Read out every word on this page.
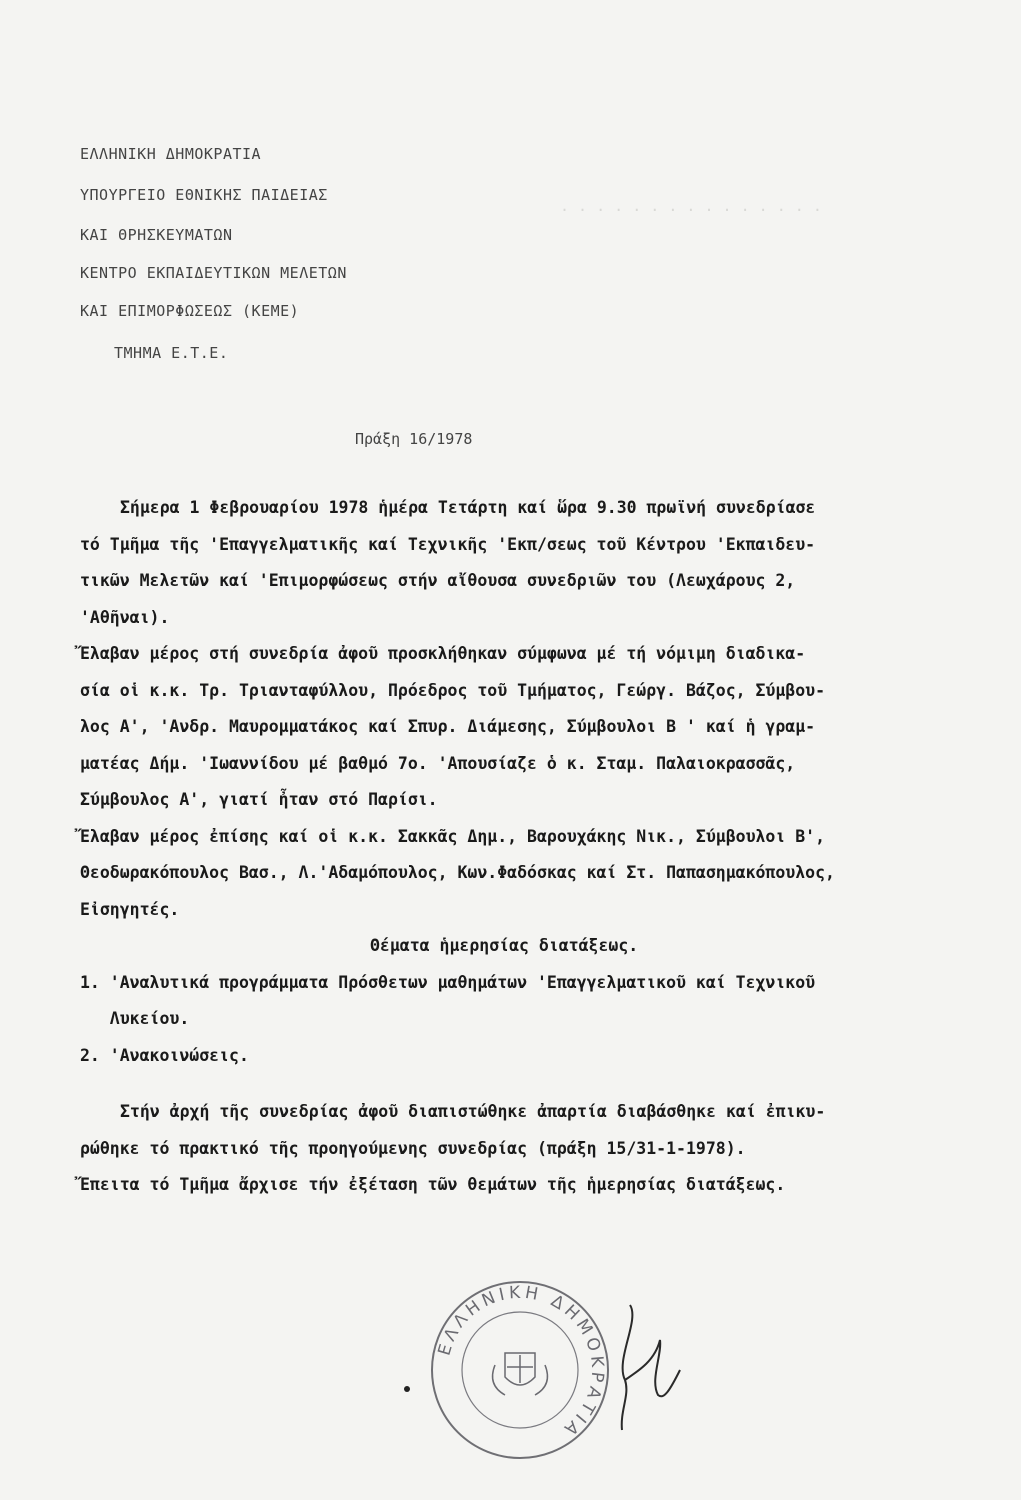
. . . . . . . . . . . . . . .
ΕΛΛΗΝΙΚΗ ΔΗΜΟΚΡΑΤΙΑ
ΥΠΟΥΡΓΕΙΟ ΕΘΝΙΚΗΣ ΠΑΙΔΕΙΑΣ
ΚΑΙ ΘΡΗΣΚΕΥΜΑΤΩΝ
ΚΕΝΤΡΟ ΕΚΠΑΙΔΕΥΤΙΚΩΝ ΜΕΛΕΤΩΝ
ΚΑΙ ΕΠΙΜΟΡΦΩΣΕΩΣ (ΚΕΜΕ)
ΤΜΗΜΑ Ε.Τ.Ε.
Πράξη 16/1978
Σήμερα 1 Φεβρουαρίου 1978 ἡμέρα Τετάρτη καί ὥρα 9.30 πρωϊνή συνεδρίασε
τό Τμῆμα τῆς 'Επαγγελματικῆς καί Τεχνικῆς 'Εκπ/σεως τοῦ Κέντρου 'Εκπαιδευ-
τικῶν Μελετῶν καί 'Επιμορφώσεως στήν αἴθουσα συνεδριῶν του (Λεωχάρους 2,
'Αθῆναι).
Ἔλαβαν μέρος στή συνεδρία ἀφοῦ προσκλήθηκαν σύμφωνα μέ τή νόμιμη διαδικα-
σία οἱ κ.κ. Τρ. Τριανταφύλλου, Πρόεδρος τοῦ Τμήματος, Γεώργ. Βάζος, Σύμβου-
λος Α', 'Ανδρ. Μαυρομματάκος καί Σπυρ. Διάμεσης, Σύμβουλοι Β ' καί ἡ γραμ-
ματέας Δήμ. 'Ιωαννίδου μέ βαθμό 7ο. 'Απουσίαζε ὁ κ. Σταμ. Παλαιοκρασσᾶς,
Σύμβουλος Α', γιατί ἦταν στό Παρίσι.
Ἔλαβαν μέρος ἐπίσης καί οἱ κ.κ. Σακκᾶς Δημ., Βαρουχάκης Νικ., Σύμβουλοι Β',
Θεοδωρακόπουλος Βασ., Λ.'Αδαμόπουλος, Κων.Φαδόσκας καί Στ. Παπασημακόπουλος,
Εἰσηγητές.
Θέματα ἡμερησίας διατάξεως.
1. 'Αναλυτικά προγράμματα Πρόσθετων μαθημάτων 'Επαγγελματικοῦ καί Τεχνικοῦ
Λυκείου.
2. 'Ανακοινώσεις.
Στήν ἀρχή τῆς συνεδρίας ἀφοῦ διαπιστώθηκε ἀπαρτία διαβάσθηκε καί ἐπικυ-
ρώθηκε τό πρακτικό τῆς προηγούμενης συνεδρίας (πράξη 15/31-1-1978).
Ἔπειτα τό Τμῆμα ἄρχισε τήν ἐξέταση τῶν θεμάτων τῆς ἡμερησίας διατάξεως.
ΕΛΛΗΝΙΚΗ ΔΗΜΟΚΡΑΤΙΑ
